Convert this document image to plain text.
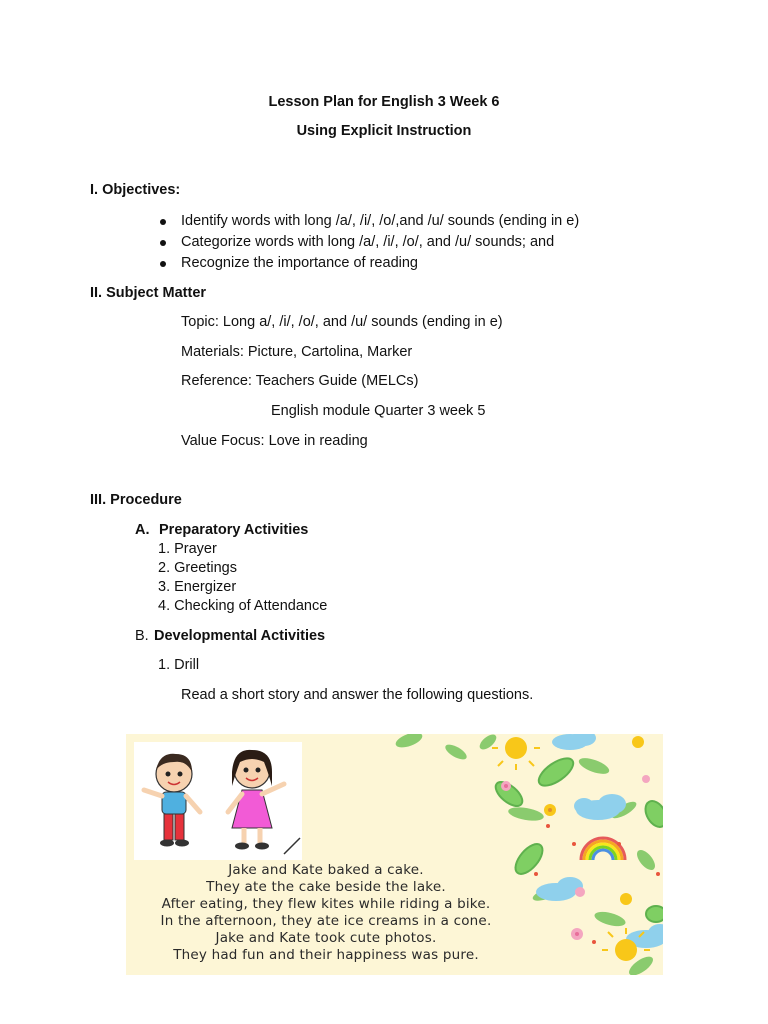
Lesson Plan for English 3 Week 6
Using Explicit Instruction
I. Objectives:
Identify words with long /a/, /i/, /o/,and /u/ sounds (ending in e)
Categorize words with long /a/, /i/, /o/, and /u/ sounds; and
Recognize the importance of reading
II. Subject Matter
Topic: Long a/, /i/, /o/, and /u/ sounds (ending in e)
Materials: Picture, Cartolina, Marker
Reference: Teachers Guide (MELCs)
English module Quarter 3 week 5
Value Focus: Love in reading
III. Procedure
A. Preparatory Activities
1. Prayer
2. Greetings
3. Energizer
4. Checking of Attendance
B. Developmental Activities
1. Drill
Read a short story and answer the following questions.
Jake and Kate baked a cake.
They ate the cake beside the lake.
After eating, they flew kites while riding a bike.
In the afternoon, they ate ice creams in a cone.
Jake and Kate took cute photos.
They had fun and their happiness was pure.
